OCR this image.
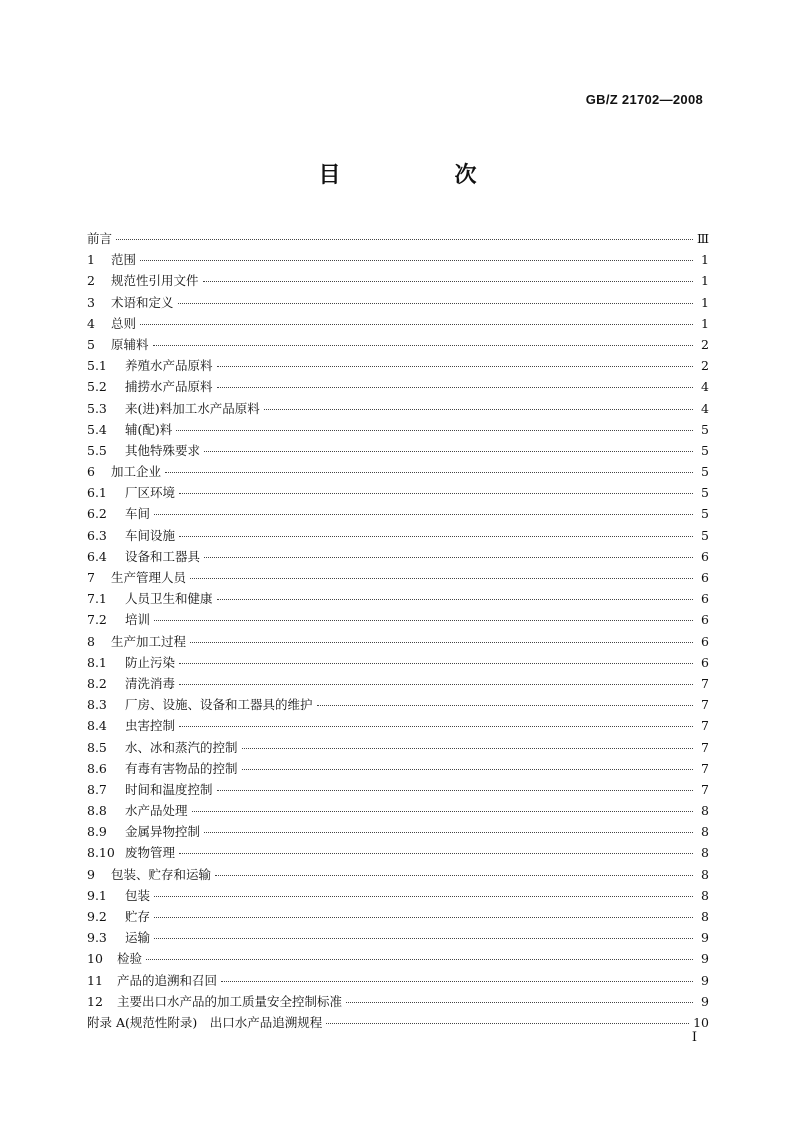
GB/Z 21702—2008
目　次
前言	Ⅲ
1	范围	1
2	规范性引用文件	1
3	术语和定义	1
4	总则	1
5	原辅料	2
5.1	养殖水产品原料	2
5.2	捕捞水产品原料	4
5.3	来(进)料加工水产品原料	4
5.4	辅(配)料	5
5.5	其他特殊要求	5
6	加工企业	5
6.1	厂区环境	5
6.2	车间	5
6.3	车间设施	5
6.4	设备和工器具	6
7	生产管理人员	6
7.1	人员卫生和健康	6
7.2	培训	6
8	生产加工过程	6
8.1	防止污染	6
8.2	清洗消毒	7
8.3	厂房、设施、设备和工器具的维护	7
8.4	虫害控制	7
8.5	水、冰和蒸汽的控制	7
8.6	有毒有害物品的控制	7
8.7	时间和温度控制	7
8.8	水产品处理	8
8.9	金属异物控制	8
8.10 废物管理	8
9	包装、贮存和运输	8
9.1	包装	8
9.2	贮存	8
9.3	运输	9
10	检验	9
11	产品的追溯和召回	9
12	主要出口水产品的加工质量安全控制标准	9
附录 A(规范性附录)　出口水产品追溯规程	10
I
